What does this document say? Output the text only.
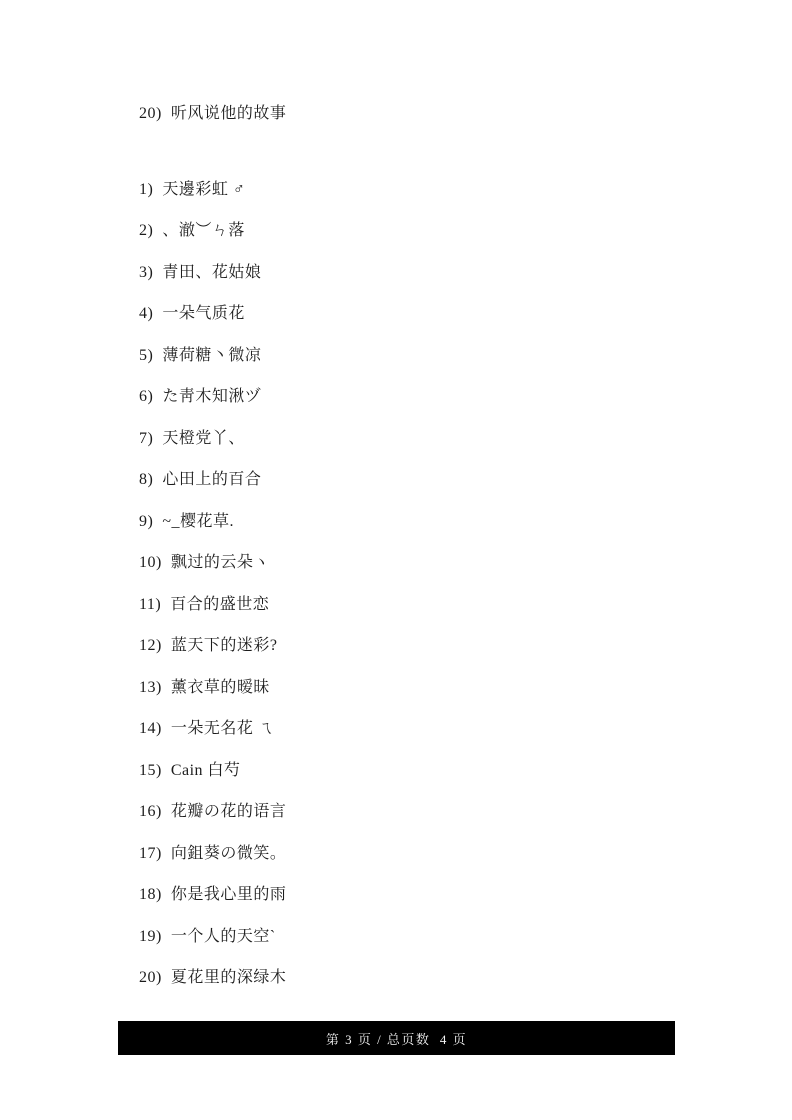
20) 听风说他的故事
1) 天邊彩虹 ♂
2) 、澈︶ㄣ落
3) 青田、花姑娘
4) 一朵气质花
5) 薄荷糖丶微凉
6) た靑木知湫ヅ
7) 天橙党丫、
8) 心田上的百合
9) ~_樱花草.
10) 飘过的云朵ヽ
11) 百合的盛世恋
12) 蓝天下的迷彩?
13) 薰衣草的暧昧
14) 一朵无名花 ㄟ
15) Cain 白芍
16) 花瓣の花的语言
17) 向鉏葵の微笑。
18) 你是我心里的雨
19) 一个人的天空`
20) 夏花里的深绿木
第 3 页 / 总页数  4 页
